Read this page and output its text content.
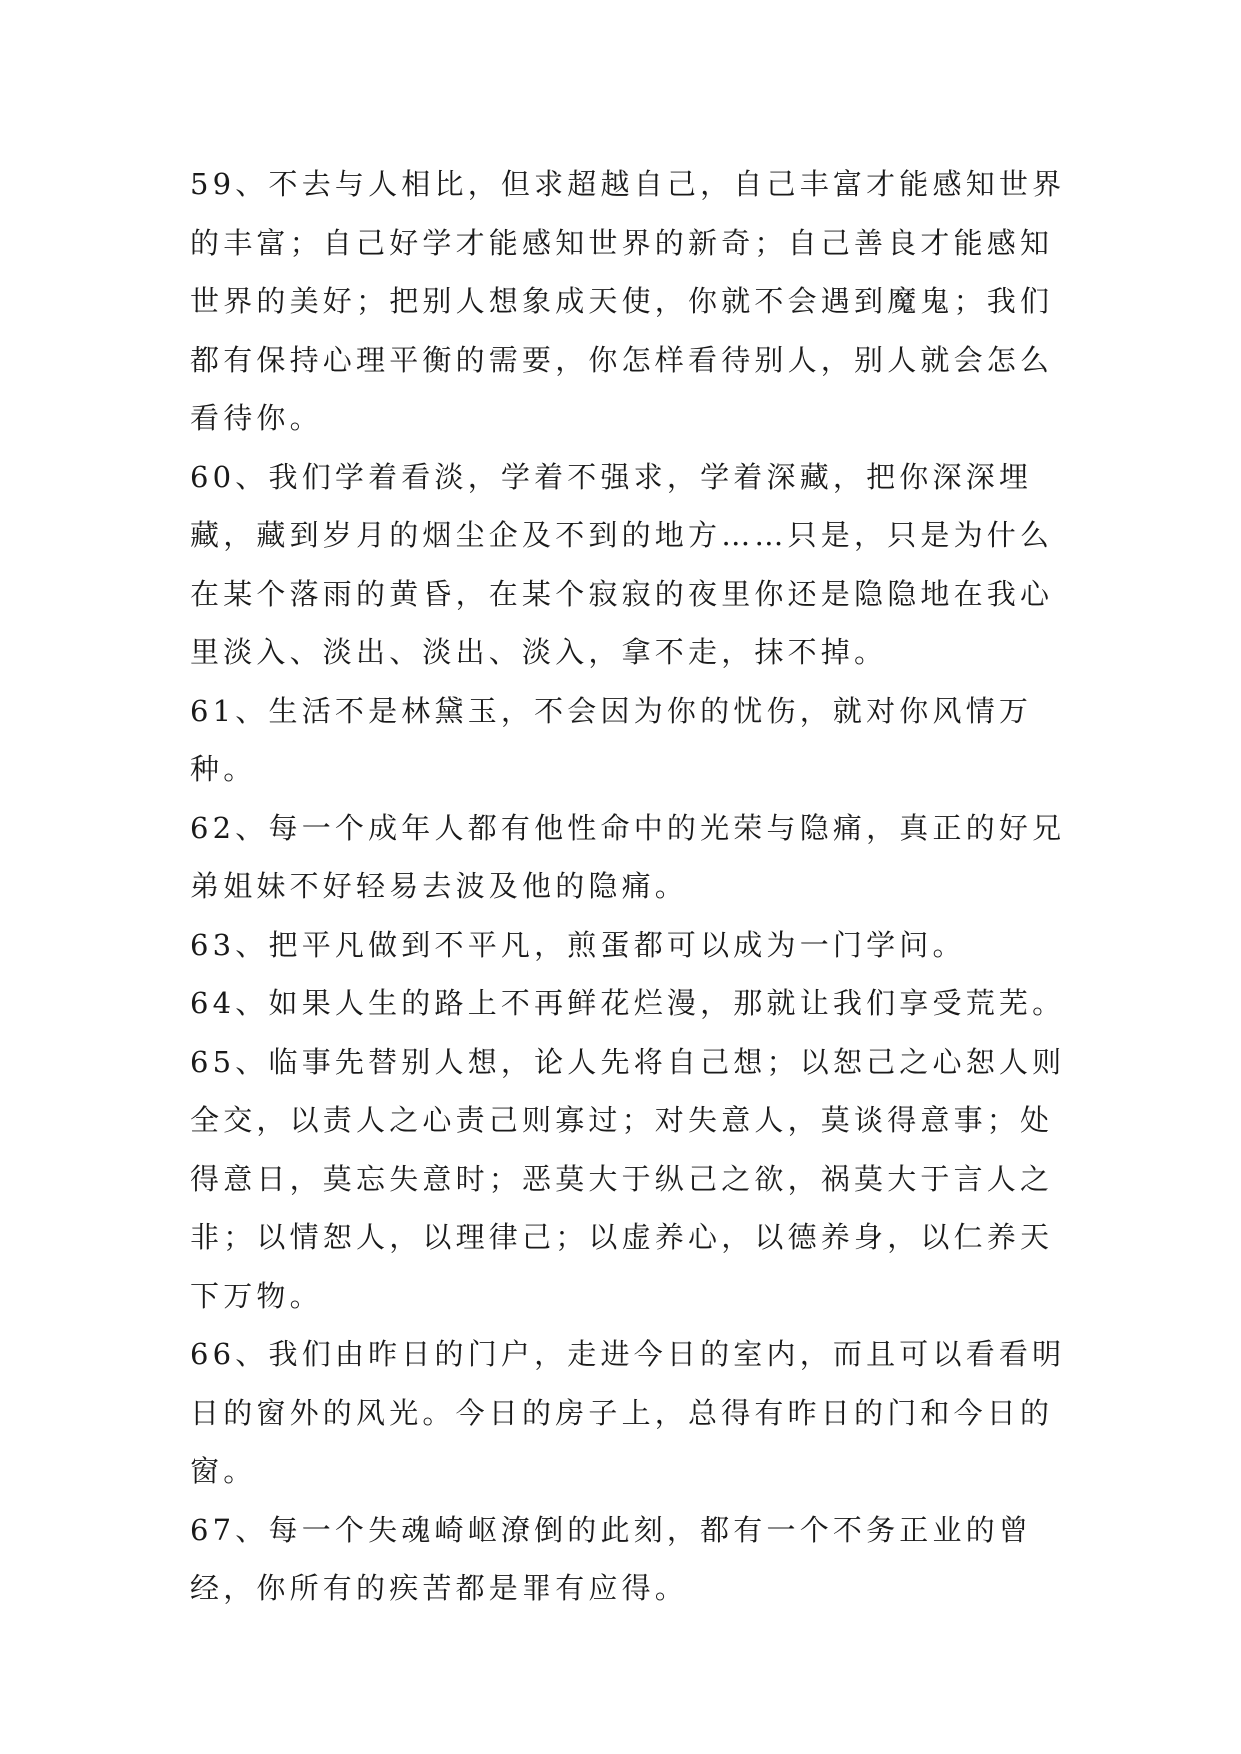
59、不去与人相比，但求超越自己，自己丰富才能感知世界的丰富；自己好学才能感知世界的新奇；自己善良才能感知世界的美好；把别人想象成天使，你就不会遇到魔鬼；我们都有保持心理平衡的需要，你怎样看待别人，别人就会怎么看待你。

60、我们学着看淡，学着不强求，学着深藏，把你深深埋藏，藏到岁月的烟尘企及不到的地方……只是，只是为什么在某个落雨的黄昏，在某个寂寂的夜里你还是隐隐地在我心里淡入、淡出、淡出、淡入，拿不走，抹不掉。

61、生活不是林黛玉，不会因为你的忧伤，就对你风情万种。

62、每一个成年人都有他性命中的光荣与隐痛，真正的好兄弟姐妹不好轻易去波及他的隐痛。

63、把平凡做到不平凡，煎蛋都可以成为一门学问。

64、如果人生的路上不再鲜花烂漫，那就让我们享受荒芜。

65、临事先替别人想，论人先将自己想；以恕己之心恕人则全交，以责人之心责己则寡过；对失意人，莫谈得意事；处得意日，莫忘失意时；恶莫大于纵己之欲，祸莫大于言人之非；以情恕人，以理律己；以虚养心，以德养身，以仁养天下万物。

66、我们由昨日的门户，走进今日的室内，而且可以看看明日的窗外的风光。今日的房子上，总得有昨日的门和今日的窗。

67、每一个失魂崎岖潦倒的此刻，都有一个不务正业的曾经，你所有的疾苦都是罪有应得。
